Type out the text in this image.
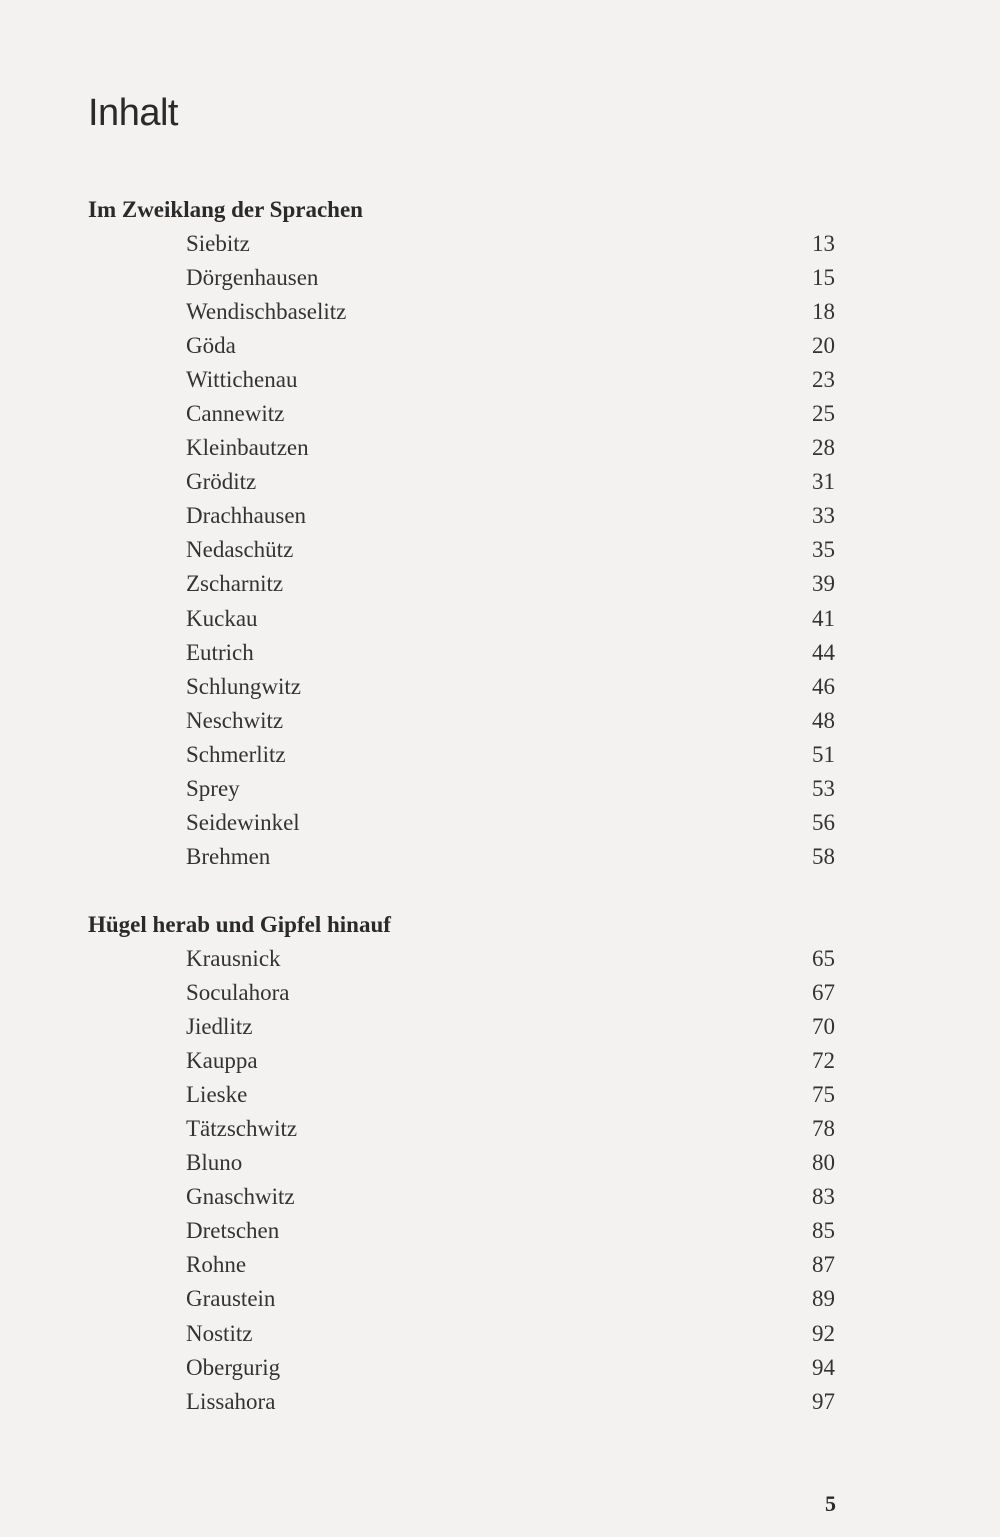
Inhalt
Im Zweiklang der Sprachen
Siebitz	13
Dörgenhausen	15
Wendischbaselitz	18
Göda	20
Wittichenau	23
Cannewitz	25
Kleinbautzen	28
Gröditz	31
Drachhausen	33
Nedaschütz	35
Zscharnitz	39
Kuckau	41
Eutrich	44
Schlungwitz	46
Neschwitz	48
Schmerlitz	51
Sprey	53
Seidewinkel	56
Brehmen	58
Hügel herab und Gipfel hinauf
Krausnick	65
Soculahora	67
Jiedlitz	70
Kauppa	72
Lieske	75
Tätzschwitz	78
Bluno	80
Gnaschwitz	83
Dretschen	85
Rohne	87
Graustein	89
Nostitz	92
Obergurig	94
Lissahora	97
5
